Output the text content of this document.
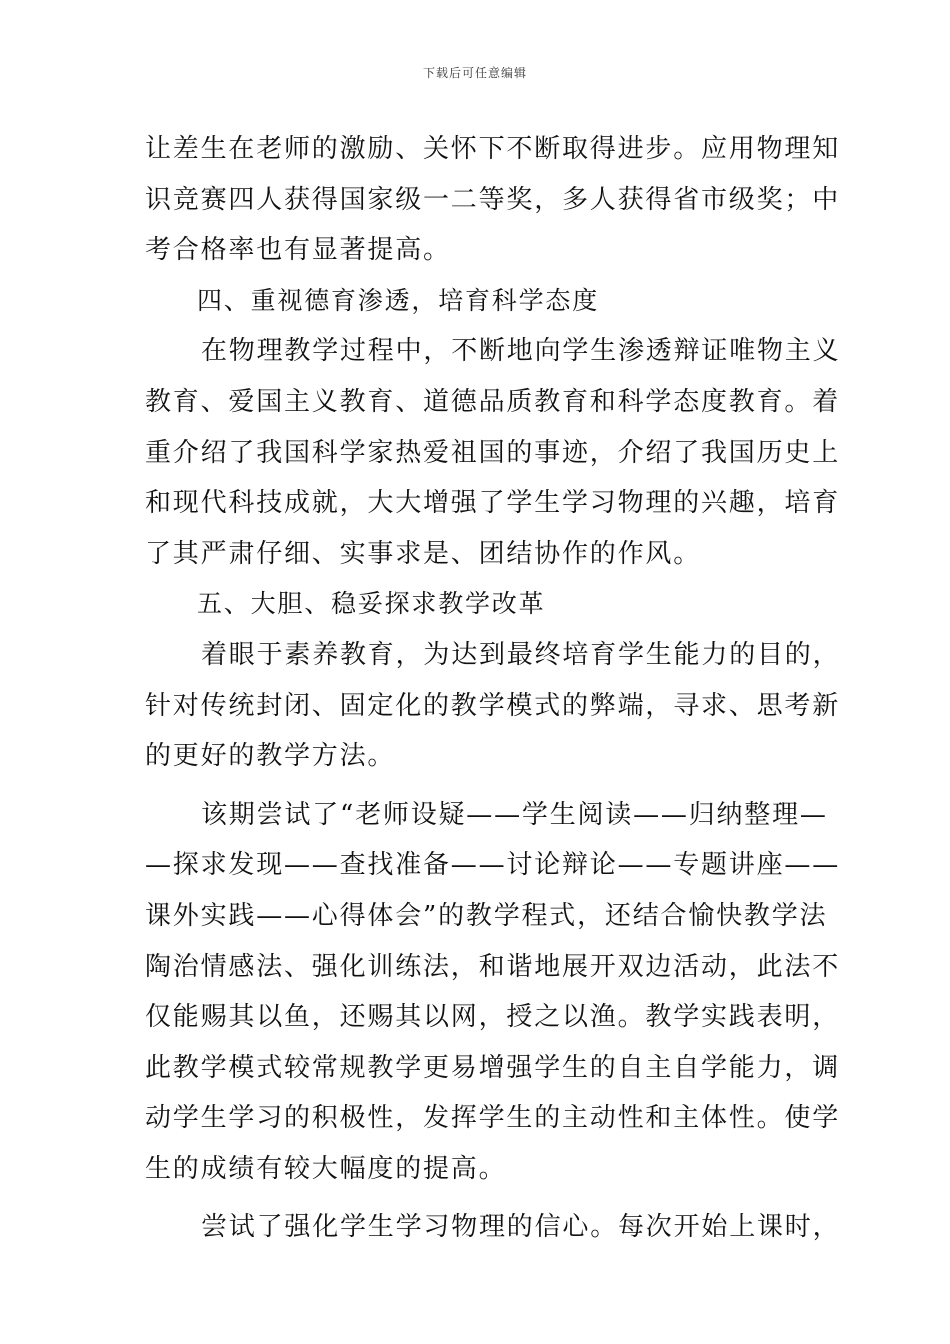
下载后可任意编辑
让差生在老师的激励、关怀下不断取得进步。应用物理知
识竞赛四人获得国家级一二等奖，多人获得省市级奖；中
考合格率也有显著提高。
四、重视德育渗透，培育科学态度
在物理教学过程中，不断地向学生渗透辩证唯物主义
教育、爱国主义教育、道德品质教育和科学态度教育。着
重介绍了我国科学家热爱祖国的事迹，介绍了我国历史上
和现代科技成就，大大增强了学生学习物理的兴趣，培育
了其严肃仔细、实事求是、团结协作的作风。
五、大胆、稳妥探求教学改革
着眼于素养教育，为达到最终培育学生能力的目的，
针对传统封闭、固定化的教学模式的弊端，寻求、思考新
的更好的教学方法。
该期尝试了“老师设疑——学生阅读——归纳整理—
—探求发现——查找准备——讨论辩论——专题讲座——
课外实践——心得体会”的教学程式，还结合愉快教学法
陶治情感法、强化训练法，和谐地展开双边活动，此法不
仅能赐其以鱼，还赐其以网，授之以渔。教学实践表明，
此教学模式较常规教学更易增强学生的自主自学能力，调
动学生学习的积极性，发挥学生的主动性和主体性。使学
生的成绩有较大幅度的提高。
尝试了强化学生学习物理的信心。每次开始上课时，
